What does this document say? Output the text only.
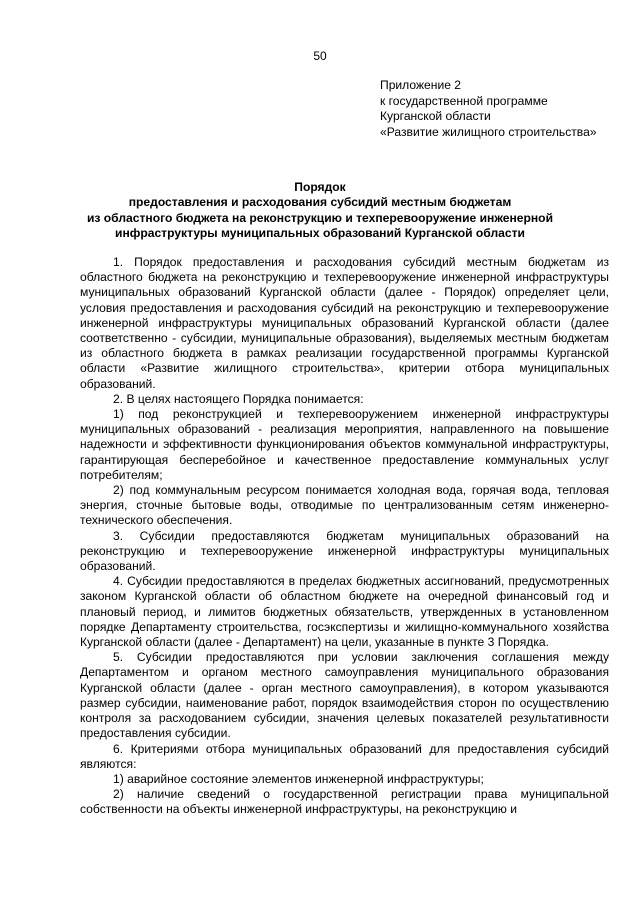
50
Приложение 2
к государственной программе
Курганской области
«Развитие жилищного строительства»
Порядок
предоставления и расходования субсидий местным бюджетам
из областного бюджета на реконструкцию и техперевооружение инженерной
инфраструктуры муниципальных образований Курганской области

1. Порядок предоставления и расходования субсидий местным бюджетам из областного бюджета на реконструкцию и техперевооружение инженерной инфраструктуры муниципальных образований Курганской области (далее - Порядок) определяет цели, условия предоставления и расходования субсидий на реконструкцию и техперевооружение инженерной инфраструктуры муниципальных образований Курганской области (далее соответственно - субсидии, муниципальные образования), выделяемых местным бюджетам из областного бюджета в рамках реализации государственной программы Курганской области «Развитие жилищного строительства», критерии отбора муниципальных образований.

2. В целях настоящего Порядка понимается:

1) под реконструкцией и техперевооружением инженерной инфраструктуры муниципальных образований - реализация мероприятия, направленного на повышение надежности и эффективности функционирования объектов коммунальной инфраструктуры, гарантирующая бесперебойное и качественное предоставление коммунальных услуг потребителям;

2) под коммунальным ресурсом понимается холодная вода, горячая вода, тепловая энергия, сточные бытовые воды, отводимые по централизованным сетям инженерно-технического обеспечения.

3. Субсидии предоставляются бюджетам муниципальных образований на реконструкцию и техперевооружение инженерной инфраструктуры муниципальных образований.

4. Субсидии предоставляются в пределах бюджетных ассигнований, предусмотренных законом Курганской области об областном бюджете на очередной финансовый год и плановый период, и лимитов бюджетных обязательств, утвержденных в установленном порядке Департаменту строительства, госэкспертизы и жилищно-коммунального хозяйства Курганской области (далее - Департамент) на цели, указанные в пункте 3 Порядка.

5. Субсидии предоставляются при условии заключения соглашения между Департаментом и органом местного самоуправления муниципального образования Курганской области (далее - орган местного самоуправления), в котором указываются размер субсидии, наименование работ, порядок взаимодействия сторон по осуществлению контроля за расходованием субсидии, значения целевых показателей результативности предоставления субсидии.

6. Критериями отбора муниципальных образований для предоставления субсидий являются:

1) аварийное состояние элементов инженерной инфраструктуры;

2) наличие сведений о государственной регистрации права муниципальной собственности на объекты инженерной инфраструктуры, на реконструкцию и
